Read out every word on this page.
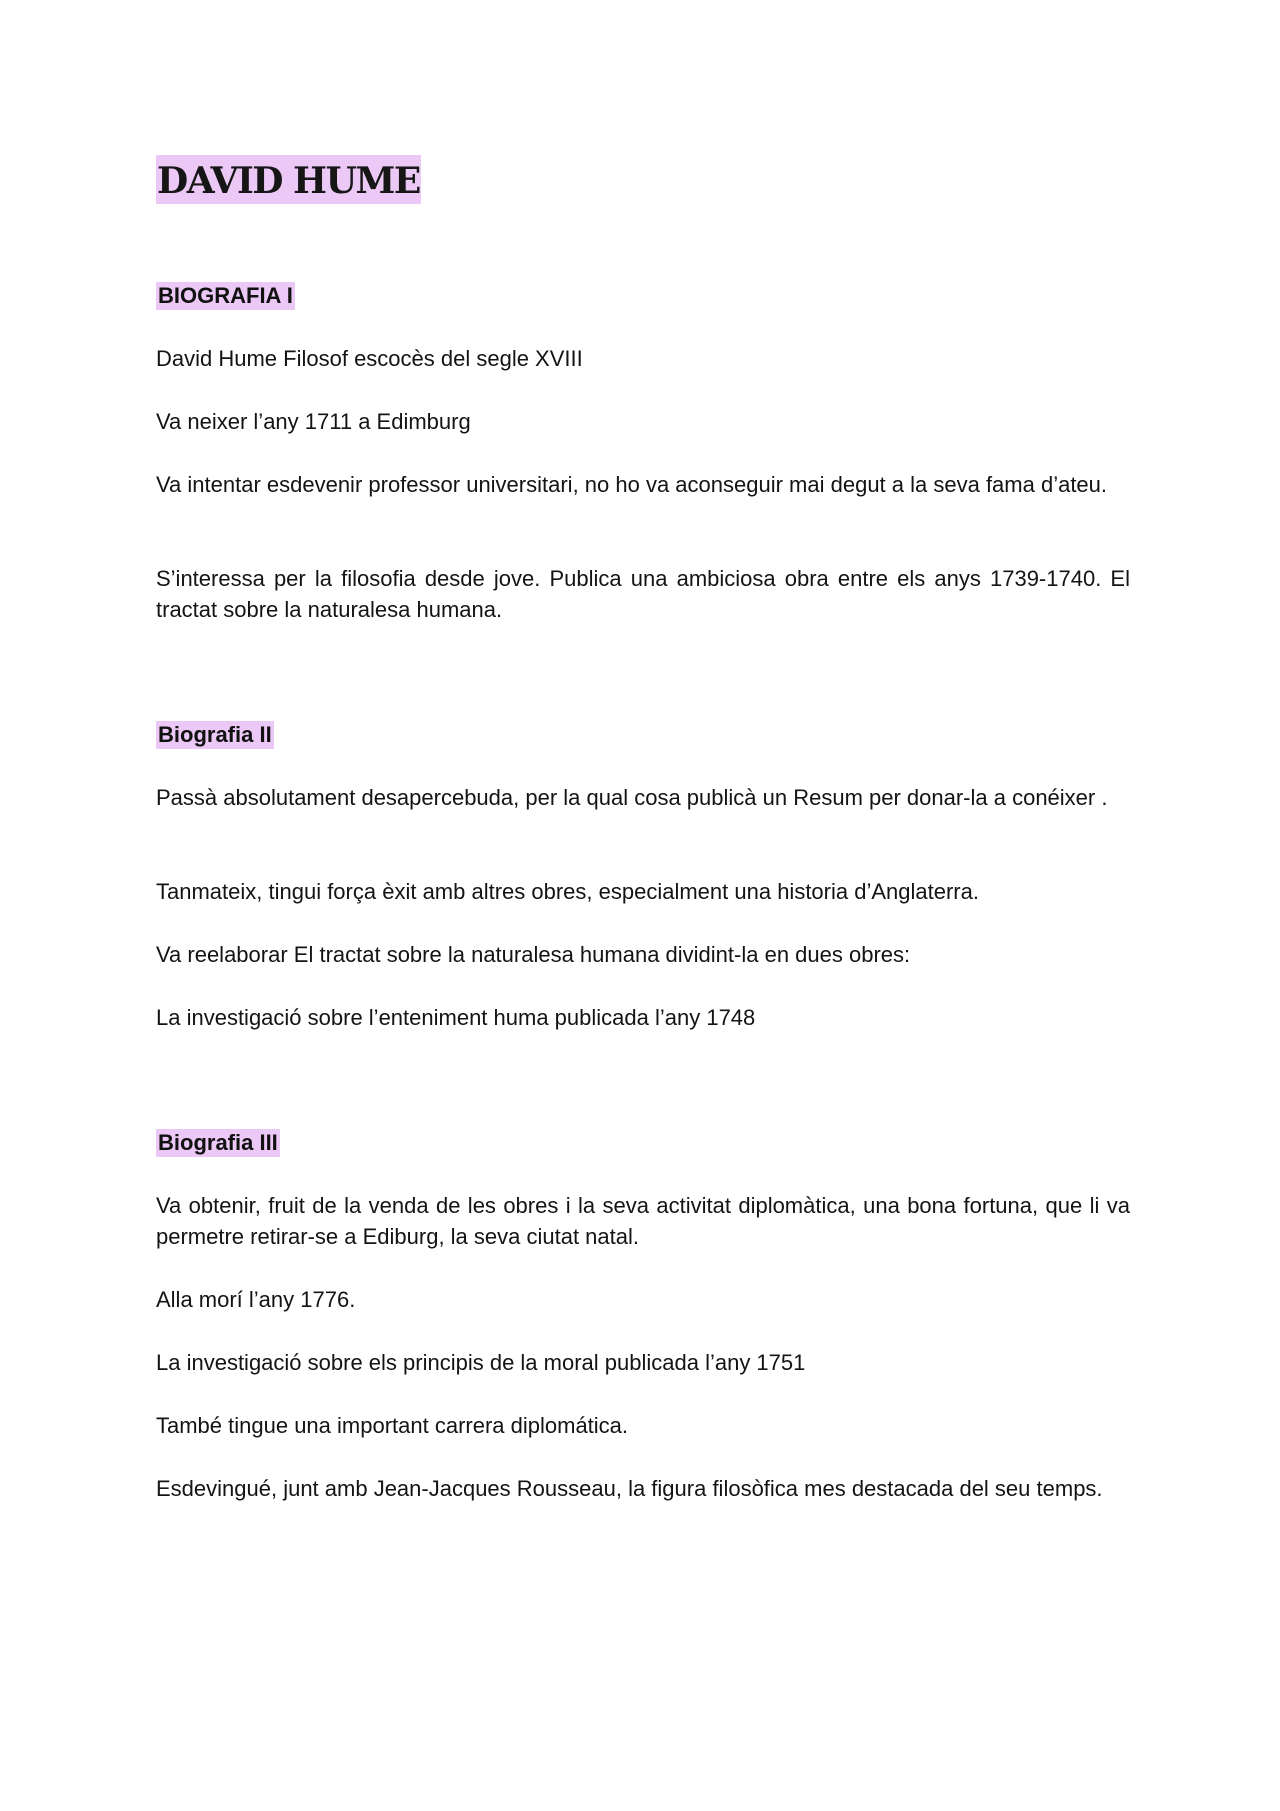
DAVID HUME
BIOGRAFIA I

David Hume Filosof escocès del segle XVIII

Va neixer l’any 1711 a Edimburg

Va intentar esdevenir professor universitari, no ho va aconseguir mai degut a la seva fama d’ateu.

S’interessa per la filosofia desde jove. Publica una ambiciosa obra entre els anys 1739-1740. El tractat sobre la naturalesa humana.

Biografia II

Passà absolutament desapercebuda, per la qual cosa publicà un Resum per donar-la a conéixer .

Tanmateix, tingui força èxit amb altres obres, especialment una historia d’Anglaterra.

Va reelaborar El tractat sobre la naturalesa humana dividint-la en dues obres:

La investigació sobre l’enteniment huma publicada l’any 1748

Biografia III

Va obtenir, fruit de la venda de les obres i la seva activitat diplomàtica, una bona fortuna, que li va permetre retirar-se a Ediburg, la seva ciutat natal.

Alla morí l’any 1776.

La investigació sobre els principis de la moral publicada l’any 1751

També tingue una important carrera diplomática.

Esdevingué, junt amb Jean-Jacques Rousseau, la figura filosòfica mes destacada del seu temps.
